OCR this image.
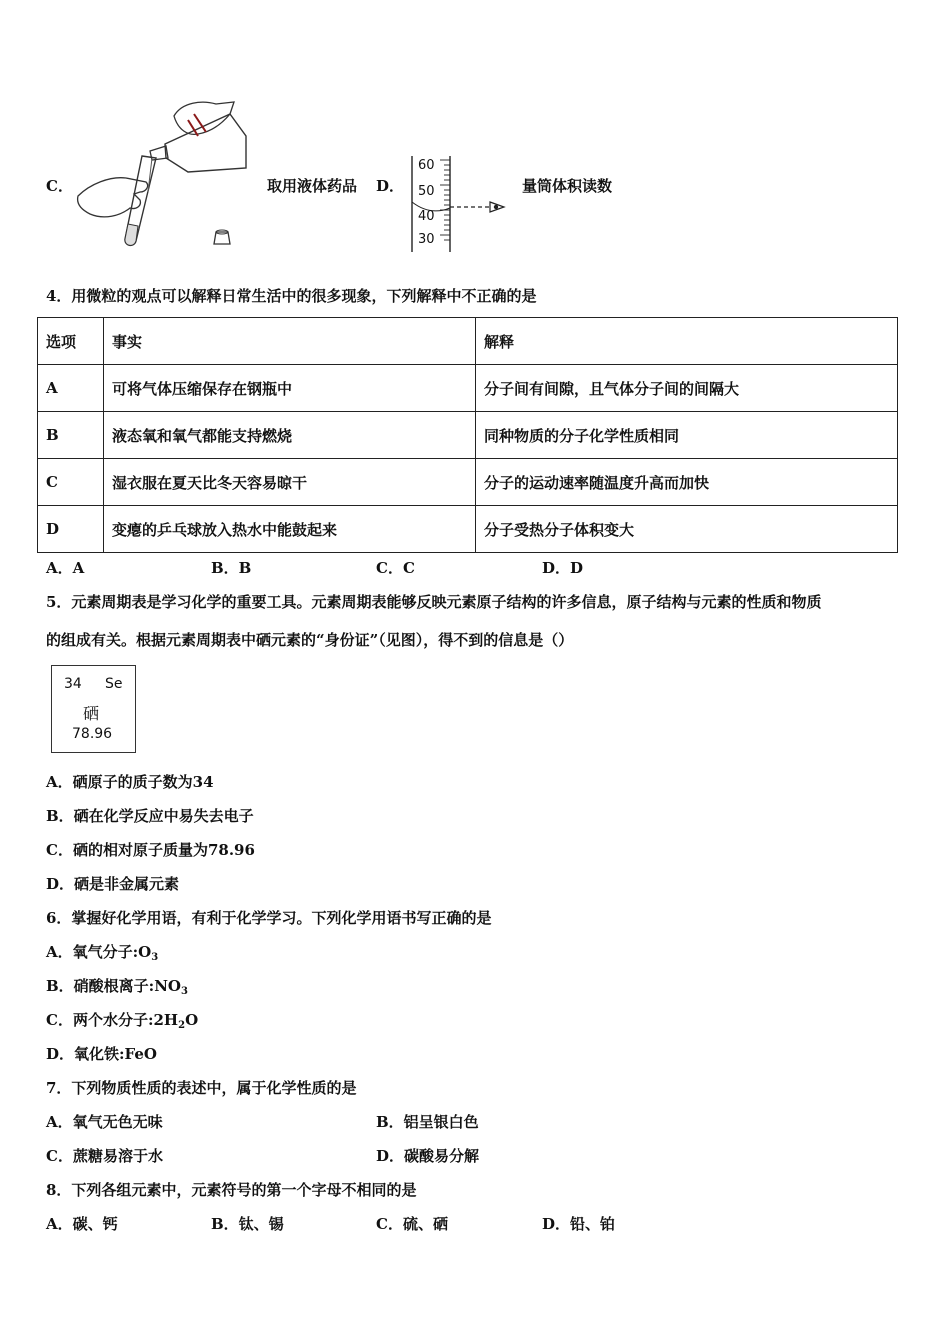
C．	取用液体药品 D．
60
50
40
30
量筒体积读数
4．用微粒的观点可以解释日常生活中的很多现象，下列解释中不正确的是
选项	事实	解释
A	可将气体压缩保存在钢瓶中	分子间有间隙，且气体分子间的间隔大
B	液态氧和氧气都能支持燃烧	同种物质的分子化学性质相同
C	湿衣服在夏天比冬天容易晾干	分子的运动速率随温度升高而加快
D	变瘪的乒乓球放入热水中能鼓起来	分子受热分子体积变大
A．A	B．B	C．C	D．D
5．元素周期表是学习化学的重要工具。元素周期表能够反映元素原子结构的许多信息，原子结构与元素的性质和物质
的组成有关。根据元素周期表中硒元素的“身份证”（见图），得不到的信息是（）
34 Se
硒
78.96
A．硒原子的质子数为34
B．硒在化学反应中易失去电子
C．硒的相对原子质量为78.96
D．硒是非金属元素
6．掌握好化学用语，有利于化学学习。下列化学用语书写正确的是
A．氧气分子$:O_3$
B．硝酸根离子$:NO_3$
C．两个水分子$:2H_2O$
D．氧化铁:FeO
7．下列物质性质的表述中，属于化学性质的是
A．氧气无色无味	B．铝呈银白色
C．蔗糖易溶于水	D．碳酸易分解
8．下列各组元素中，元素符号的第一个字母不相同的是
A．碳、钙	B．钛、锡	C．硫、硒	D．铅、铂
